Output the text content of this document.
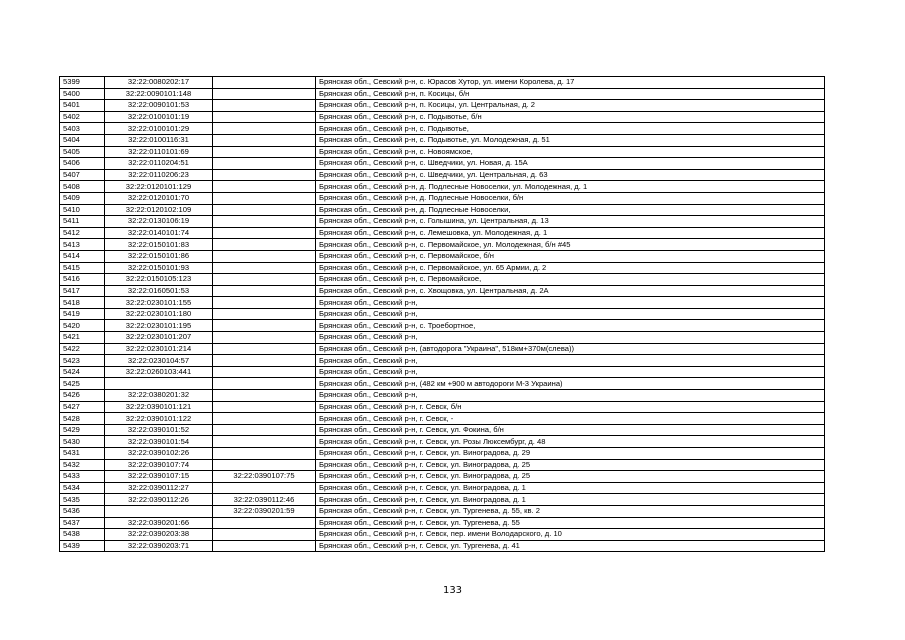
5399	32:22:0080202:17		Брянская обл., Севский р-н, с. Юрасов Хутор, ул. имени Королева, д. 17
5400	32:22:0090101:148		Брянская обл., Севский р-н, п. Косицы, б/н
5401	32:22:0090101:53		Брянская обл., Севский р-н, п. Косицы, ул. Центральная, д. 2
5402	32:22:0100101:19		Брянская обл., Севский р-н, с. Подывотье, б/н
5403	32:22:0100101:29		Брянская обл., Севский р-н, с. Подывотье,
5404	32:22:0100116:31		Брянская обл., Севский р-н, с. Подывотье, ул. Молодежная, д. 51
5405	32:22:0110101:69		Брянская обл., Севский р-н, с. Новоямское,
5406	32:22:0110204:51		Брянская обл., Севский р-н, с. Шведчики, ул. Новая, д. 15А
5407	32:22:0110206:23		Брянская обл., Севский р-н, с. Шведчики, ул. Центральная, д. 63
5408	32:22:0120101:129		Брянская обл., Севский р-н, д. Подлесные Новоселки, ул. Молодежная, д. 1
5409	32:22:0120101:70		Брянская обл., Севский р-н, д. Подлесные Новоселки, б/н
5410	32:22:0120102:109		Брянская обл., Севский р-н, д. Подлесные Новоселки,
5411	32:22:0130106:19		Брянская обл., Севский р-н, с. Голышина, ул. Центральная, д. 13
5412	32:22:0140101:74		Брянская обл., Севский р-н, с. Лемешовка, ул. Молодежная, д. 1
5413	32:22:0150101:83		Брянская обл., Севский р-н, с. Первомайское, ул. Молодежная, б/н #45
5414	32:22:0150101:86		Брянская обл., Севский р-н, с. Первомайское, б/н
5415	32:22:0150101:93		Брянская обл., Севский р-н, с. Первомайское, ул. 65 Армии, д. 2
5416	32:22:0150105:123		Брянская обл., Севский р-н, с. Первомайское,
5417	32:22:0160501:53		Брянская обл., Севский р-н, с. Хвощовка, ул. Центральная, д. 2А
5418	32:22:0230101:155		Брянская обл., Севский р-н,
5419	32:22:0230101:180		Брянская обл., Севский р-н,
5420	32:22:0230101:195		Брянская обл., Севский р-н, с. Троебортное,
5421	32:22:0230101:207		Брянская обл., Севский р-н,
5422	32:22:0230101:214		Брянская обл., Севский р-н, (автодорога "Украина", 518км+370м(слева))
5423	32:22:0230104:57		Брянская обл., Севский р-н,
5424	32:22:0260103:441		Брянская обл., Севский р-н,
5425			Брянская обл., Севский р-н, (482 км +900 м автодороги М-3 Украина)
5426	32:22:0380201:32		Брянская обл., Севский р-н,
5427	32:22:0390101:121		Брянская обл., Севский р-н, г. Севск, б/н
5428	32:22:0390101:122		Брянская обл., Севский р-н, г. Севск, -
5429	32:22:0390101:52		Брянская обл., Севский р-н, г. Севск, ул. Фокина, б/н
5430	32:22:0390101:54		Брянская обл., Севский р-н, г. Севск, ул. Розы Люксембург, д. 48
5431	32:22:0390102:26		Брянская обл., Севский р-н, г. Севск, ул. Виноградова, д. 29
5432	32:22:0390107:74		Брянская обл., Севский р-н, г. Севск, ул. Виноградова, д. 25
5433	32:22:0390107:15	32:22:0390107:75	Брянская обл., Севский р-н, г. Севск, ул. Виноградова, д. 25
5434	32:22:0390112:27		Брянская обл., Севский р-н, г. Севск, ул. Виноградова, д. 1
5435	32:22:0390112:26	32:22:0390112:46	Брянская обл., Севский р-н, г. Севск, ул. Виноградова, д. 1
5436		32:22:0390201:59	Брянская обл., Севский р-н, г. Севск, ул. Тургенева, д. 55, кв. 2
5437	32:22:0390201:66		Брянская обл., Севский р-н, г. Севск, ул. Тургенева, д. 55
5438	32:22:0390203:38		Брянская обл., Севский р-н, г. Севск, пер. имени Володарского, д. 10
5439	32:22:0390203:71		Брянская обл., Севский р-н, г. Севск, ул. Тургенева, д. 41
133
